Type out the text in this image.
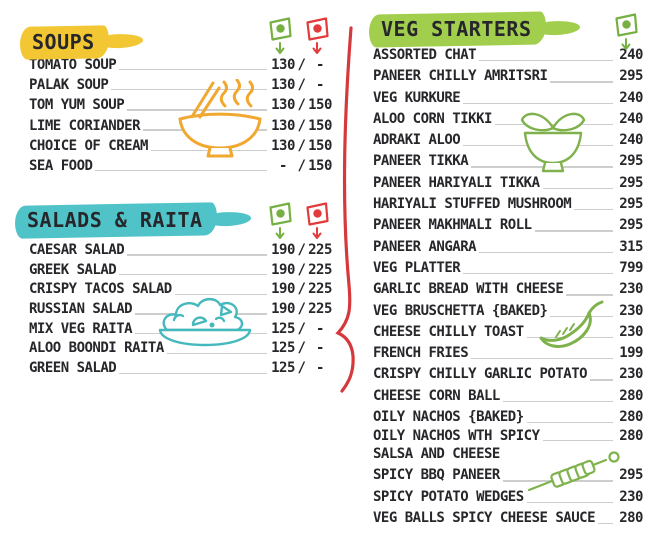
SOUPS
SALADS & RAITA
VEG STARTERS
TOMATO SOUP	130 / -
PALAK SOUP	130 / -
TOM YUM SOUP	130 / 150
LIME CORIANDER	130 / 150
CHOICE OF CREAM	130 / 150
SEA FOOD	- / 150
CAESAR SALAD	190 / 225
GREEK SALAD	190 / 225
CRISPY TACOS SALAD	190 / 225
RUSSIAN SALAD	190 / 225
MIX VEG RAITA	125 / -
ALOO BOONDI RAITA	125 / -
GREEN SALAD	125 / -
ASSORTED CHAT	240
PANEER CHILLY AMRITSRI	295
VEG KURKURE	240
ALOO CORN TIKKI	240
ADRAKI ALOO	240
PANEER TIKKA	295
PANEER HARIYALI TIKKA	295
HARIYALI STUFFED MUSHROOM	295
PANEER MAKHMALI ROLL	295
PANEER ANGARA	315
VEG PLATTER	799
GARLIC BREAD WITH CHEESE	230
VEG BRUSCHETTA {BAKED}	230
CHEESE CHILLY TOAST	230
FRENCH FRIES	199
CRISPY CHILLY GARLIC POTATO 230
CHEESE CORN BALL	280
OILY NACHOS {BAKED}	280
OILY NACHOS WTH SPICY	280
SALSA AND CHEESE
SPICY BBQ PANEER	295
SPICY POTATO WEDGES	230
VEG BALLS SPICY CHEESE SAUCE 280
